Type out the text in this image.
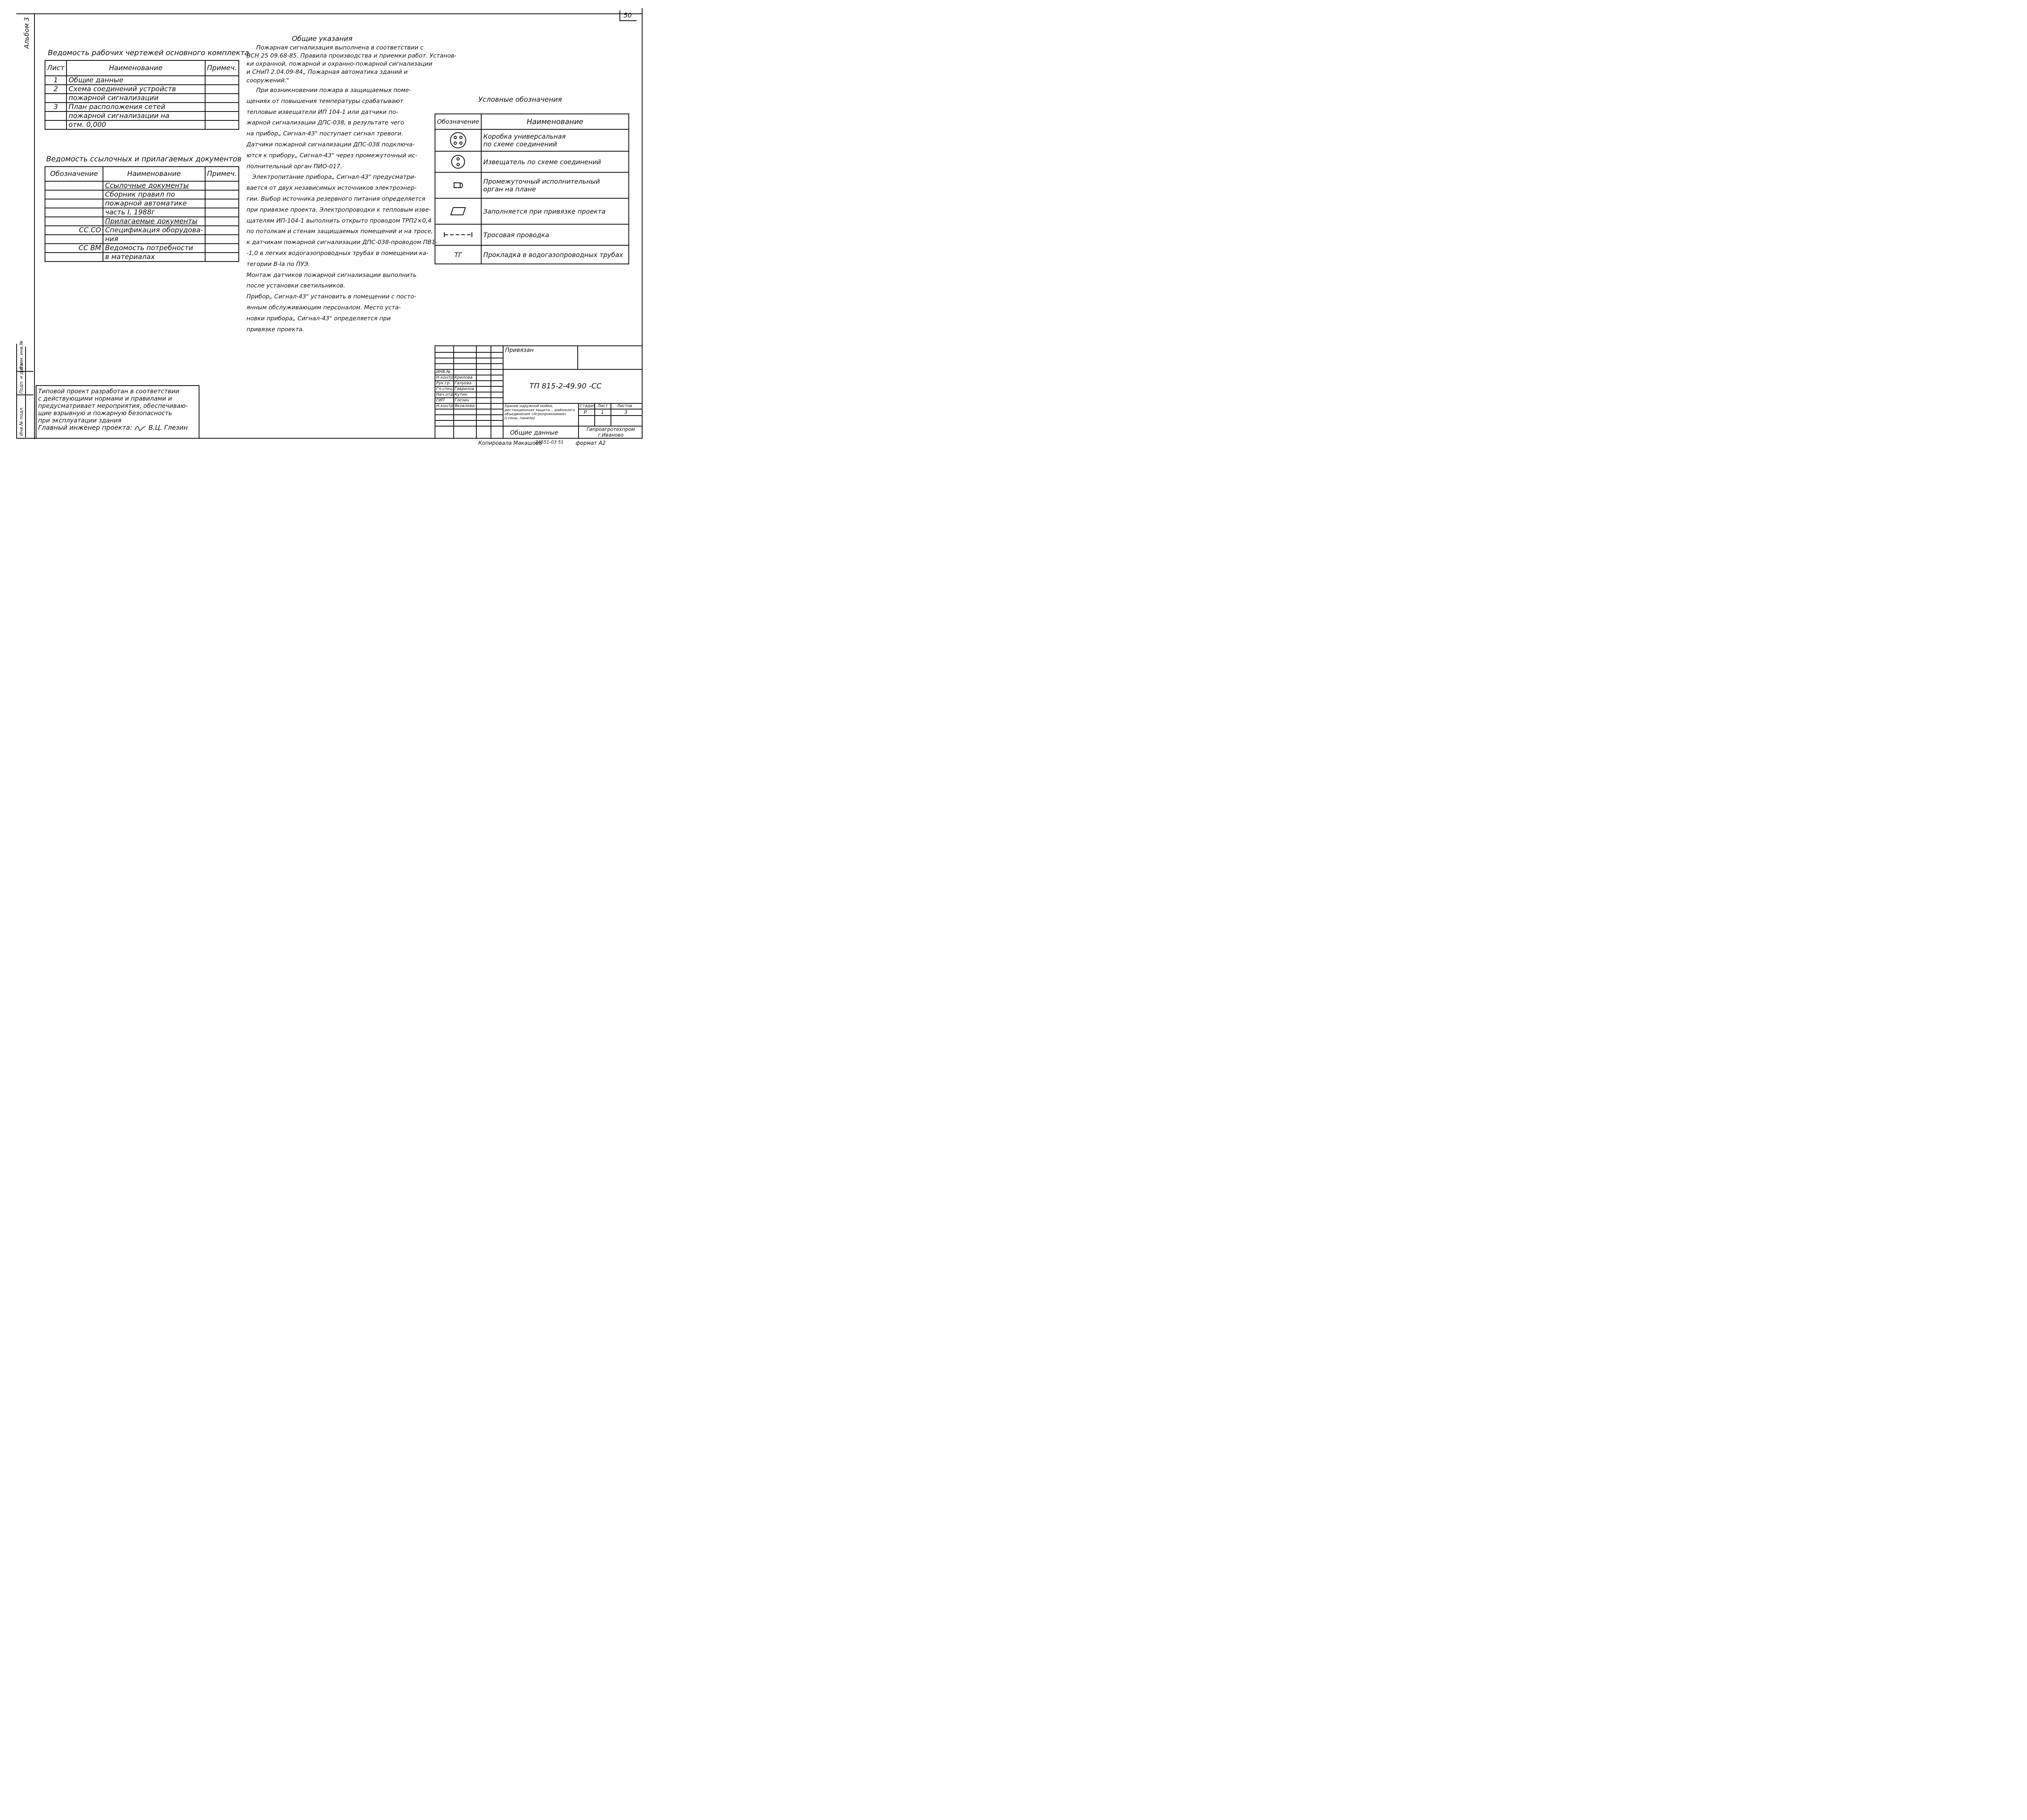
50
Альбом 3
Взам. инв.№
Подп. и дата
Инв.№ подл.
Ведомость рабочих чертежей основного комплекта
Лист	Наименование	Примеч.
1	Общие данные	
2	Схема соединений устройств	
	пожарной сигнализации	
3	План расположения сетей	
	пожарной сигнализации на	
	отм. 0,000	
Ведомость ссылочных и прилагаемых документов
Обозначение	Наименование	Примеч.
	Ссылочные документы	
	Сборник правил по	
	пожарной автоматике	
	часть I, 1988г	
	Прилагаемые документы	
СС.СО	Спецификация оборудова-	
	ния	
СС ВМ	Ведомость потребности	
	в материалах	
Общие указания
Пожарная сигнализация выполнена в соответствии с
ВСН 25 09.68-85. Правила производства и приемки работ. Установ-
ки охранной, пожарной и охранно-пожарной сигнализации
и СНиП 2.04.09-84„ Пожарная автоматика зданий и
сооружений."
При возникновении пожара в защищаемых поме-
щениях от повышения температуры срабатывают
тепловые извещатели ИП 104-1 или датчики по-
жарной сигнализации ДПС-038, в результате чего
на прибор„ Сигнал-43" поступает сигнал тревоги.
Датчики пожарной сигнализации ДПС-038 подключа-
ются к прибору„ Сигнал-43" через промежуточный ис-
полнительный орган ПИО-017.
Электропитание прибора„ Сигнал-43" предусматри-
вается от двух независимых источников электроэнер-
гии. Выбор источника резервного питания определяется
при привязке проекта. Электропроводки к тепловым изве-
щателям ИП-104-1 выполнить открыто проводом ТРП2×0,4
по потолкам и стенам защищаемых помещений и на тросе,
к датчикам пожарной сигнализации ДПС-038-проводом ПВ1-
-1,0 в легких водогазопроводных трубах в помещении ка-
тегории В-Iа по ПУЭ.
Монтаж датчиков пожарной сигнализации выполнить
после установки светильников.
Прибор„ Сигнал-43" установить в помещении с посто-
янным обслуживающим персоналом. Место уста-
новки прибора„ Сигнал-43" определяется при
привязке проекта.
Условные обозначения
Обозначение	Наименование

Коробка универсальная
по схеме соединений

Извещатель по схеме соединений

Промежуточный исполнительный
орган на плане

Заполняется при привязке проекта

Тросовая проводка

ТГ	Прокладка в водогазопроводных трубах
Типовой проект разработан в соответствии
с действующими нормами и правилами и
предусматривает мероприятия, обеспечиваю-
щие взрывную и пожарную безопасность
при эксплуатации здания
Главный инженер проекта:	В.Ц. Глезин
Привязан
ИНВ.№
Н.контр. Крилова
Рук.гр. Галуева
Гл.спец. Гаврилов
Нач.отд. Кутин
ГИП Глезин
Н.контр. Яковлева
ТП 815-2-49.90 -СС
Здание наружной мойки, дистанционная защита… районного объединения «Агропромхимия» (стены, панели)
Общие данные
Стадия Лист Листов
Р	1	3
Гипроагротехпром г.Иваново
Копировала Макашова
24551-03 51 формат А2
